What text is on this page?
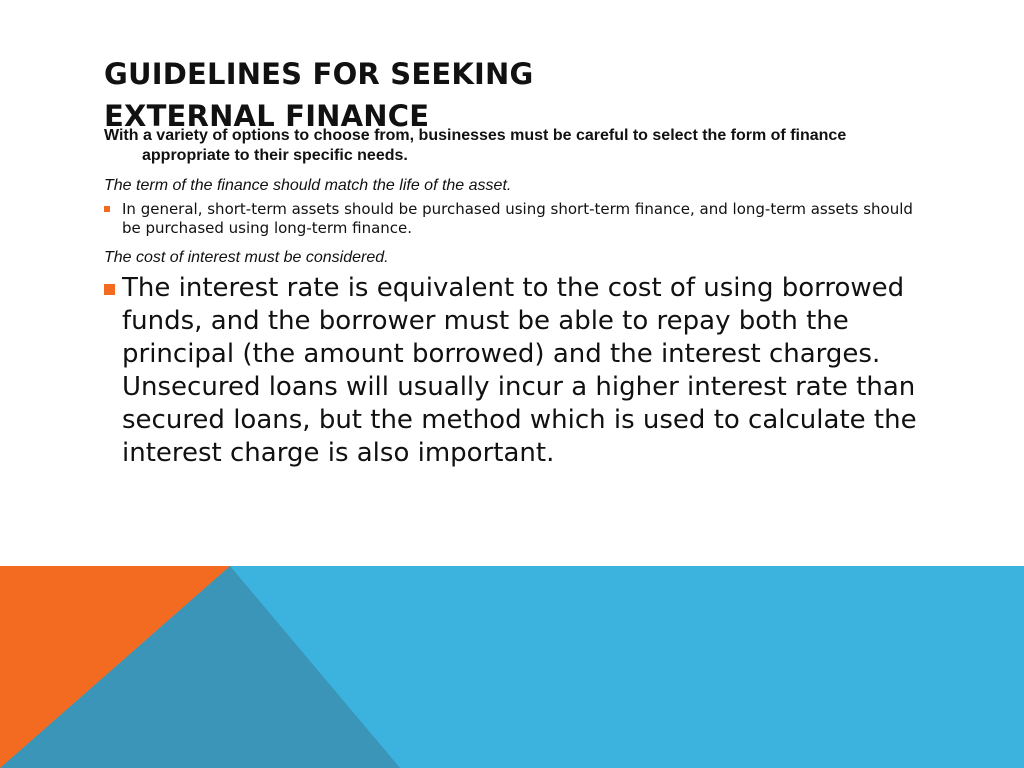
GUIDELINES FOR SEEKING
EXTERNAL FINANCE

With a variety of options to choose from, businesses must be careful to select the form of finance appropriate to their specific needs.

The term of the finance should match the life of the asset.

In general, short-term assets should be purchased using short-term finance, and long-term assets should be purchased using long-term finance.

The cost of interest must be considered.

The interest rate is equivalent to the cost of using borrowed funds, and the borrower must be able to repay both the principal (the amount borrowed) and the interest charges. Unsecured loans will usually incur a higher interest rate than secured loans, but the method which is used to calculate the interest charge is also important.
